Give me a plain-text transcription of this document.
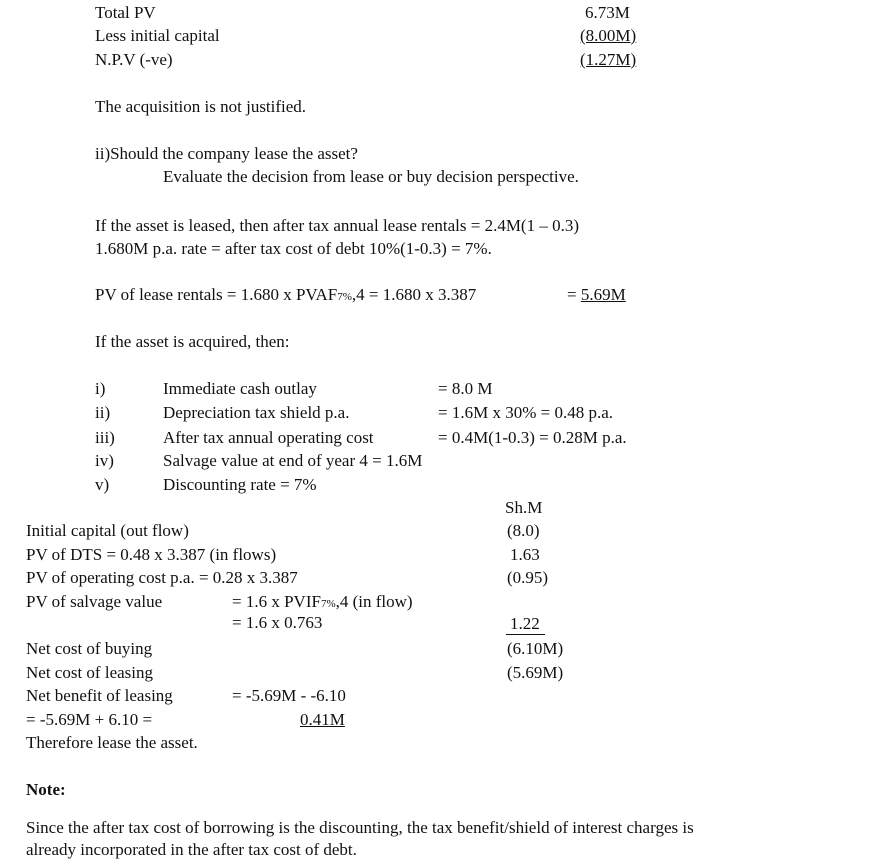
Total PV	6.73M
Less initial capital	(8.00M)
N.P.V (-ve)	(1.27M)
The acquisition is not justified.
ii)Should the company lease the asset?
Evaluate the decision from lease or buy decision perspective.
If the asset is leased, then after tax annual lease rentals = 2.4M(1 – 0.3)
1.680M p.a. rate = after tax cost of debt 10%(1-0.3) = 7%.
PV of lease rentals = 1.680 x PVAF7%,4 = 1.680 x 3.387	= 5.69M
If the asset is acquired, then:
i)	Immediate cash outlay	= 8.0 M
ii)	Depreciation tax shield p.a.	= 1.6M x 30% = 0.48 p.a.
iii)	After tax annual operating cost	= 0.4M(1-0.3) = 0.28M p.a.
iv)	Salvage value at end of year 4 = 1.6M
v)	Discounting rate = 7%
Sh.M
Initial capital (out flow)	(8.0)
PV of DTS = 0.48 x 3.387 (in flows)	1.63
PV of operating cost p.a. = 0.28 x 3.387	(0.95)
PV of salvage value	= 1.6 x PVIF7%,4 (in flow)
= 1.6 x 0.763	1.22
Net cost of buying	(6.10M)
Net cost of leasing	(5.69M)
Net benefit of leasing	= -5.69M - -6.10
= -5.69M + 6.10 =	0.41M
Therefore lease the asset.
Note:
Since the after tax cost of borrowing is the discounting, the tax benefit/shield of interest charges is
already incorporated in the after tax cost of debt.
